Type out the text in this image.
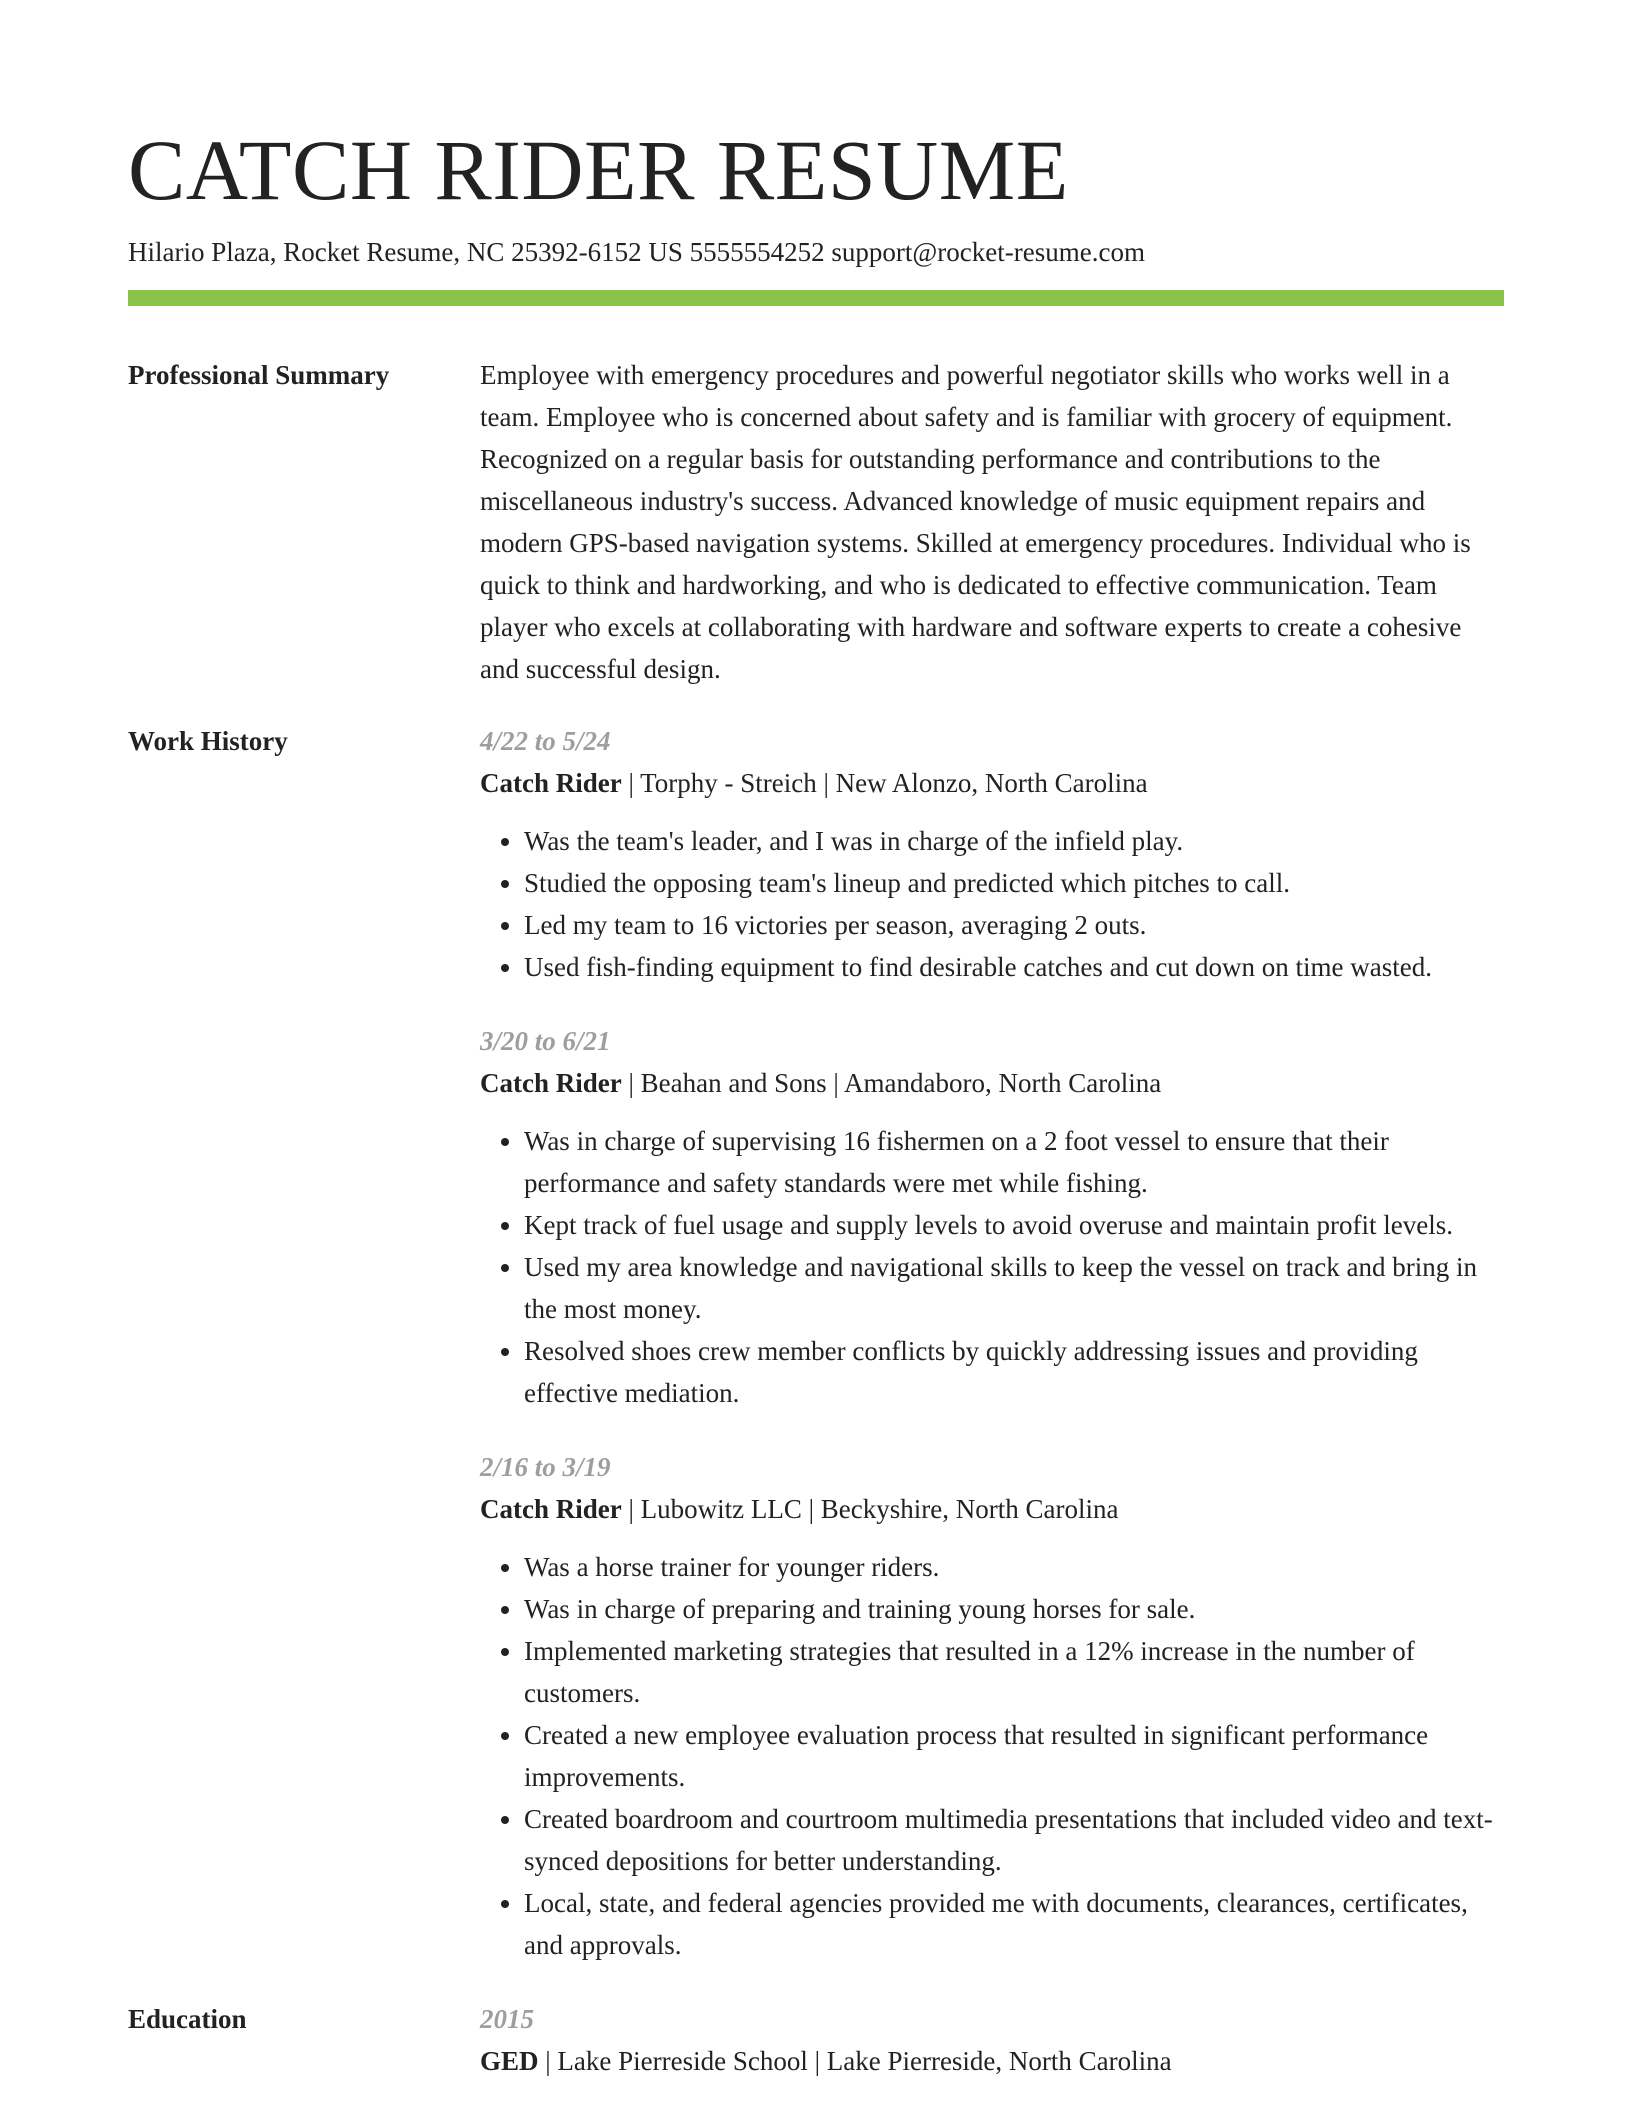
CATCH RIDER RESUME
Hilario Plaza, Rocket Resume, NC 25392-6152 US 5555554252 support@rocket-resume.com
Professional Summary	Employee with emergency procedures and powerful negotiator skills who works well in a team. Employee who is concerned about safety and is familiar with grocery of equipment. Recognized on a regular basis for outstanding performance and contributions to the miscellaneous industry's success. Advanced knowledge of music equipment repairs and modern GPS-based navigation systems. Skilled at emergency procedures. Individual who is quick to think and hardworking, and who is dedicated to effective communication. Team player who excels at collaborating with hardware and software experts to create a cohesive and successful design.

Work History	4/22 to 5/24
Catch Rider | Torphy - Streich | New Alonzo, North Carolina
• Was the team's leader, and I was in charge of the infield play.
• Studied the opposing team's lineup and predicted which pitches to call.
• Led my team to 16 victories per season, averaging 2 outs.
• Used fish-finding equipment to find desirable catches and cut down on time wasted.
3/20 to 6/21
Catch Rider | Beahan and Sons | Amandaboro, North Carolina
• Was in charge of supervising 16 fishermen on a 2 foot vessel to ensure that their performance and safety standards were met while fishing.
• Kept track of fuel usage and supply levels to avoid overuse and maintain profit levels.
• Used my area knowledge and navigational skills to keep the vessel on track and bring in the most money.
• Resolved shoes crew member conflicts by quickly addressing issues and providing effective mediation.
2/16 to 3/19
Catch Rider | Lubowitz LLC | Beckyshire, North Carolina
• Was a horse trainer for younger riders.
• Was in charge of preparing and training young horses for sale.
• Implemented marketing strategies that resulted in a 12% increase in the number of customers.
• Created a new employee evaluation process that resulted in significant performance improvements.
• Created boardroom and courtroom multimedia presentations that included video and text-synced depositions for better understanding.
• Local, state, and federal agencies provided me with documents, clearances, certificates, and approvals.
Education	2015
GED | Lake Pierreside School | Lake Pierreside, North Carolina
